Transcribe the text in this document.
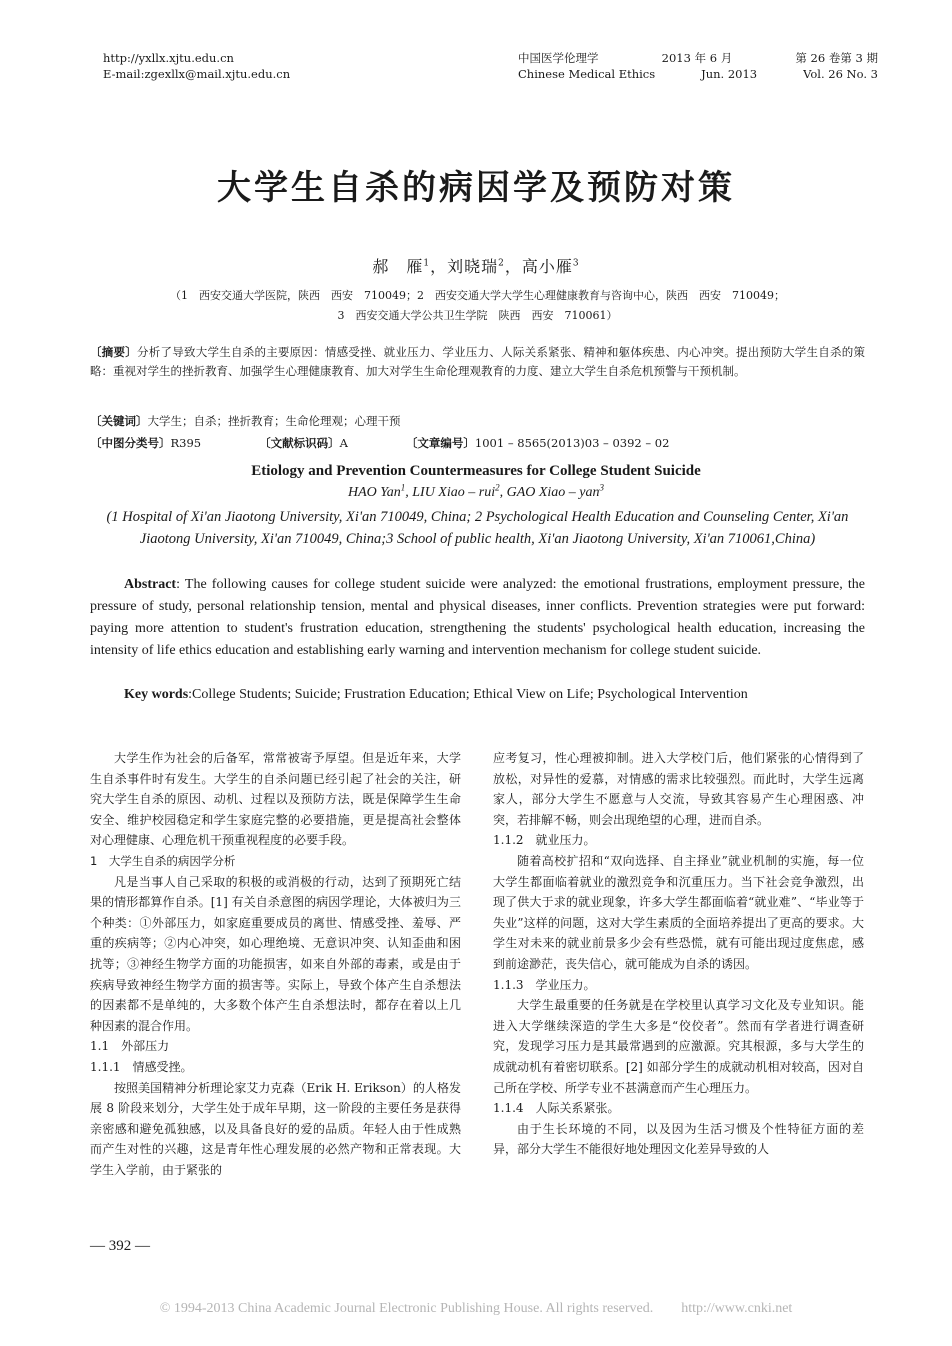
http://yxllx.xjtu.edu.cn
E-mail:zgexllx@mail.xjtu.edu.cn
中国医学伦理学	2013 年 6 月	第 26 卷第 3 期
Chinese Medical Ethics	Jun. 2013	Vol. 26 No. 3
大学生自杀的病因学及预防对策
郝　雁$^1$，刘晓瑞$^2$，高小雁$^3$
（1　西安交通大学医院，陕西　西安　710049；2　西安交通大学大学生心理健康教育与咨询中心，陕西　西安　710049；
3　西安交通大学公共卫生学院　陕西　西安　710061）
〔摘要〕分析了导致大学生自杀的主要原因：情感受挫、就业压力、学业压力、人际关系紧张、精神和躯体疾患、内心冲突。提出预防大学生自杀的策略：重视对学生的挫折教育、加强学生心理健康教育、加大对学生生命伦理观教育的力度、建立大学生自杀危机预警与干预机制。
〔关键词〕大学生；自杀；挫折教育；生命伦理观；心理干预
〔中图分类号〕R395	〔文献标识码〕A	〔文章编号〕1001 – 8565(2013)03 – 0392 – 02
Etiology and Prevention Countermeasures for College Student Suicide
HAO Yan$^1$, LIU Xiao – rui$^2$, GAO Xiao – yan$^3$
(1 Hospital of Xi'an Jiaotong University, Xi'an 710049, China; 2 Psychological Health Education and Counseling Center, Xi'an Jiaotong University, Xi'an 710049, China;3 School of public health, Xi'an Jiaotong University, Xi'an 710061,China)
Abstract: The following causes for college student suicide were analyzed: the emotional frustrations, employment pressure, the pressure of study, personal relationship tension, mental and physical diseases, inner conflicts. Prevention strategies were put forward: paying more attention to student's frustration education, strengthening the students' psychological health education, increasing the intensity of life ethics education and establishing early warning and intervention mechanism for college student suicide.
Key words:College Students; Suicide; Frustration Education; Ethical View on Life; Psychological Intervention

大学生作为社会的后备军，常常被寄予厚望。但是近年来，大学生自杀事件时有发生。大学生的自杀问题已经引起了社会的关注，研究大学生自杀的原因、动机、过程以及预防方法，既是保障学生生命安全、维护校园稳定和学生家庭完整的必要措施，更是提高社会整体对心理健康、心理危机干预重视程度的必要手段。

1　大学生自杀的病因学分析

凡是当事人自己采取的积极的或消极的行动，达到了预期死亡结果的情形都算作自杀。[1] 有关自杀意图的病因学理论，大体被归为三个种类：①外部压力，如家庭重要成员的离世、情感受挫、羞辱、严重的疾病等；②内心冲突，如心理绝境、无意识冲突、认知歪曲和困扰等；③神经生物学方面的功能损害，如来自外部的毒素，或是由于疾病导致神经生物学方面的损害等。实际上，导致个体产生自杀想法的因素都不是单纯的，大多数个体产生自杀想法时，都存在着以上几种因素的混合作用。

1.1　外部压力

1.1.1　情感受挫。

按照美国精神分析理论家艾力克森（Erik H. Erikson）的人格发展 8 阶段来划分，大学生处于成年早期，这一阶段的主要任务是获得亲密感和避免孤独感，以及具备良好的爱的品质。年轻人由于性成熟而产生对性的兴趣，这是青年性心理发展的必然产物和正常表现。大学生入学前，由于紧张的

应考复习，性心理被抑制。进入大学校门后，他们紧张的心情得到了放松，对异性的爱慕，对情感的需求比较强烈。而此时，大学生远离家人，部分大学生不愿意与人交流，导致其容易产生心理困惑、冲突，若排解不畅，则会出现绝望的心理，进而自杀。

1.1.2　就业压力。

随着高校扩招和“双向选择、自主择业”就业机制的实施，每一位大学生都面临着就业的激烈竞争和沉重压力。当下社会竞争激烈，出现了供大于求的就业现象，许多大学生都面临着“就业难”、“毕业等于失业”这样的问题，这对大学生素质的全面培养提出了更高的要求。大学生对未来的就业前景多少会有些恐慌，就有可能出现过度焦虑，感到前途渺茫，丧失信心，就可能成为自杀的诱因。

1.1.3　学业压力。

大学生最重要的任务就是在学校里认真学习文化及专业知识。能进入大学继续深造的学生大多是“佼佼者”。然而有学者进行调查研究，发现学习压力是其最常遇到的应激源。究其根源，多与大学生的成就动机有着密切联系。[2] 如部分学生的成就动机相对较高，因对自己所在学校、所学专业不甚满意而产生心理压力。

1.1.4　人际关系紧张。

由于生长环境的不同，以及因为生活习惯及个性特征方面的差异，部分大学生不能很好地处理因文化差异导致的人

— 392 —
© 1994-2013 China Academic Journal Electronic Publishing House. All rights reserved.　　http://www.cnki.net
